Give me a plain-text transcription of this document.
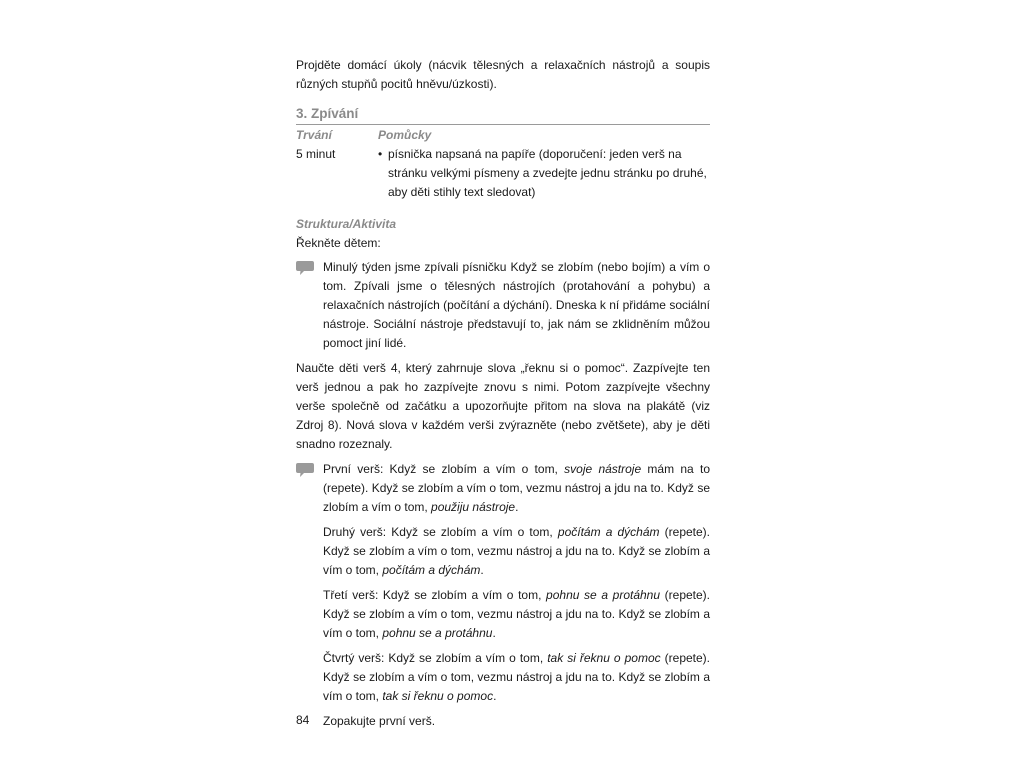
Projděte domácí úkoly (nácvik tělesných a relaxačních nástrojů a soupis různých stupňů pocitů hněvu/úzkosti).

3. Zpívání
Trvání	Pomůcky
5 minut	• písnička napsaná na papíře (doporučení: jeden verš na stránku velkými písmeny a zvedejte jednu stránku po druhé, aby děti stihly text sledovat)
Struktura/Aktivita

Řekněte dětem:

Minulý týden jsme zpívali písničku Když se zlobím (nebo bojím) a vím o tom. Zpívali jsme o tělesných nástrojích (protahování a pohybu) a relaxačních nástrojích (počítání a dýchání). Dneska k ní přidáme sociální nástroje. Sociální nástroje představují to, jak nám se zklidněním můžou pomoct jiní lidé.

Naučte děti verš 4, který zahrnuje slova „řeknu si o pomoc“. Zazpívejte ten verš jednou a pak ho zazpívejte znovu s nimi. Potom zazpívejte všechny verše společně od začátku a upozorňujte přitom na slova na plakátě (viz Zdroj 8). Nová slova v každém verši zvýrazněte (nebo zvětšete), aby je děti snadno rozeznaly.

První verš: Když se zlobím a vím o tom, svoje nástroje mám na to (repete). Když se zlobím a vím o tom, vezmu nástroj a jdu na to. Když se zlobím a vím o tom, použiju nástroje.

Druhý verš: Když se zlobím a vím o tom, počítám a dýchám (repete). Když se zlobím a vím o tom, vezmu nástroj a jdu na to. Když se zlobím a vím o tom, počítám a dýchám.

Třetí verš: Když se zlobím a vím o tom, pohnu se a protáhnu (repete). Když se zlobím a vím o tom, vezmu nástroj a jdu na to. Když se zlobím a vím o tom, pohnu se a protáhnu.

Čtvrtý verš: Když se zlobím a vím o tom, tak si řeknu o pomoc (repete). Když se zlobím a vím o tom, vezmu nástroj a jdu na to. Když se zlobím a vím o tom, tak si řeknu o pomoc.

Zopakujte první verš.

84
